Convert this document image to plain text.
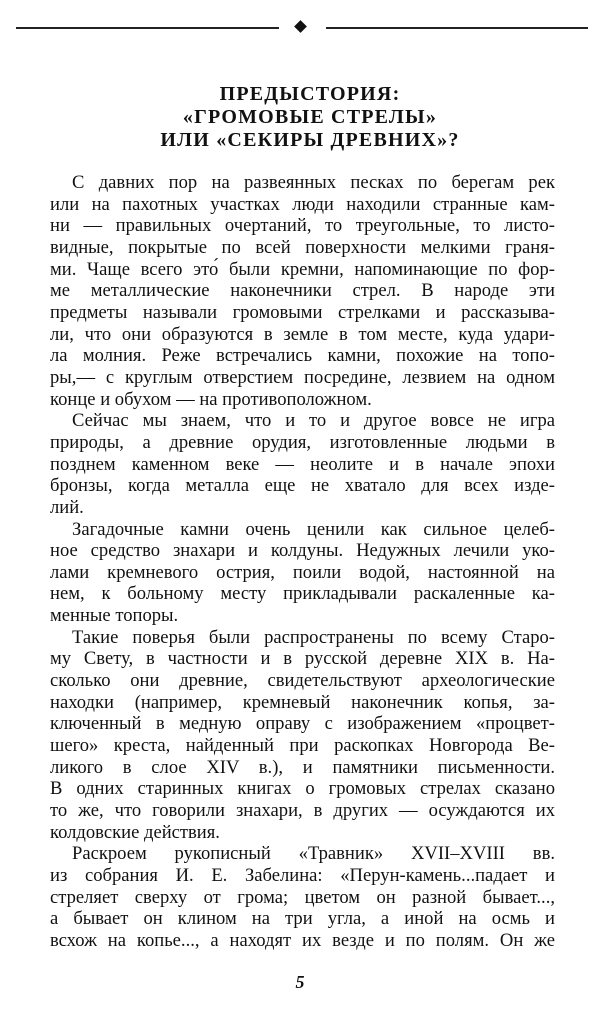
ПРЕДЫСТОРИЯ:
«ГРОМОВЫЕ СТРЕЛЫ»
ИЛИ «СЕКИРЫ ДРЕВНИХ»?
С давних пор на развеянных песках по берегам рек
или на пахотных участках люди находили странные кам-
ни — правильных очертаний, то треугольные, то листо-
видные, покрытые по всей поверхности мелкими граня-
ми. Чаще всего это́ были кремни, напоминающие по фор-
ме металлические наконечники стрел. В народе эти
предметы называли громовыми стрелками и рассказыва-
ли, что они образуются в земле в том месте, куда удари-
ла молния. Реже встречались камни, похожие на топо-
ры,— с круглым отверстием посредине, лезвием на одном
конце и обухом — на противоположном.
Сейчас мы знаем, что и то и другое вовсе не игра
природы, а древние орудия, изготовленные людьми в
позднем каменном веке — неолите и в начале эпохи
бронзы, когда металла еще не хватало для всех изде-
лий.
Загадочные камни очень ценили как сильное целеб-
ное средство знахари и колдуны. Недужных лечили уко-
лами кремневого острия, поили водой, настоянной на
нем, к больному месту прикладывали раскаленные ка-
менные топоры.
Такие поверья были распространены по всему Старо-
му Свету, в частности и в русской деревне XIX в. На-
сколько они древние, свидетельствуют археологические
находки (например, кремневый наконечник копья, за-
ключенный в медную оправу с изображением «процвет-
шего» креста, найденный при раскопках Новгорода Ве-
ликого в слое XIV в.), и памятники письменности.
В одних старинных книгах о громовых стрелах сказано
то же, что говорили знахари, в других — осуждаются их
колдовские действия.
Раскроем рукописный «Травник» XVII–XVIII вв.
из собрания И. Е. Забелина: «Перун-камень...падает и
стреляет сверху от грома; цветом он разной бывает...,
а бывает он клином на три угла, а иной на осмь и
всхож на копье..., а находят их везде и по полям. Он же
5
